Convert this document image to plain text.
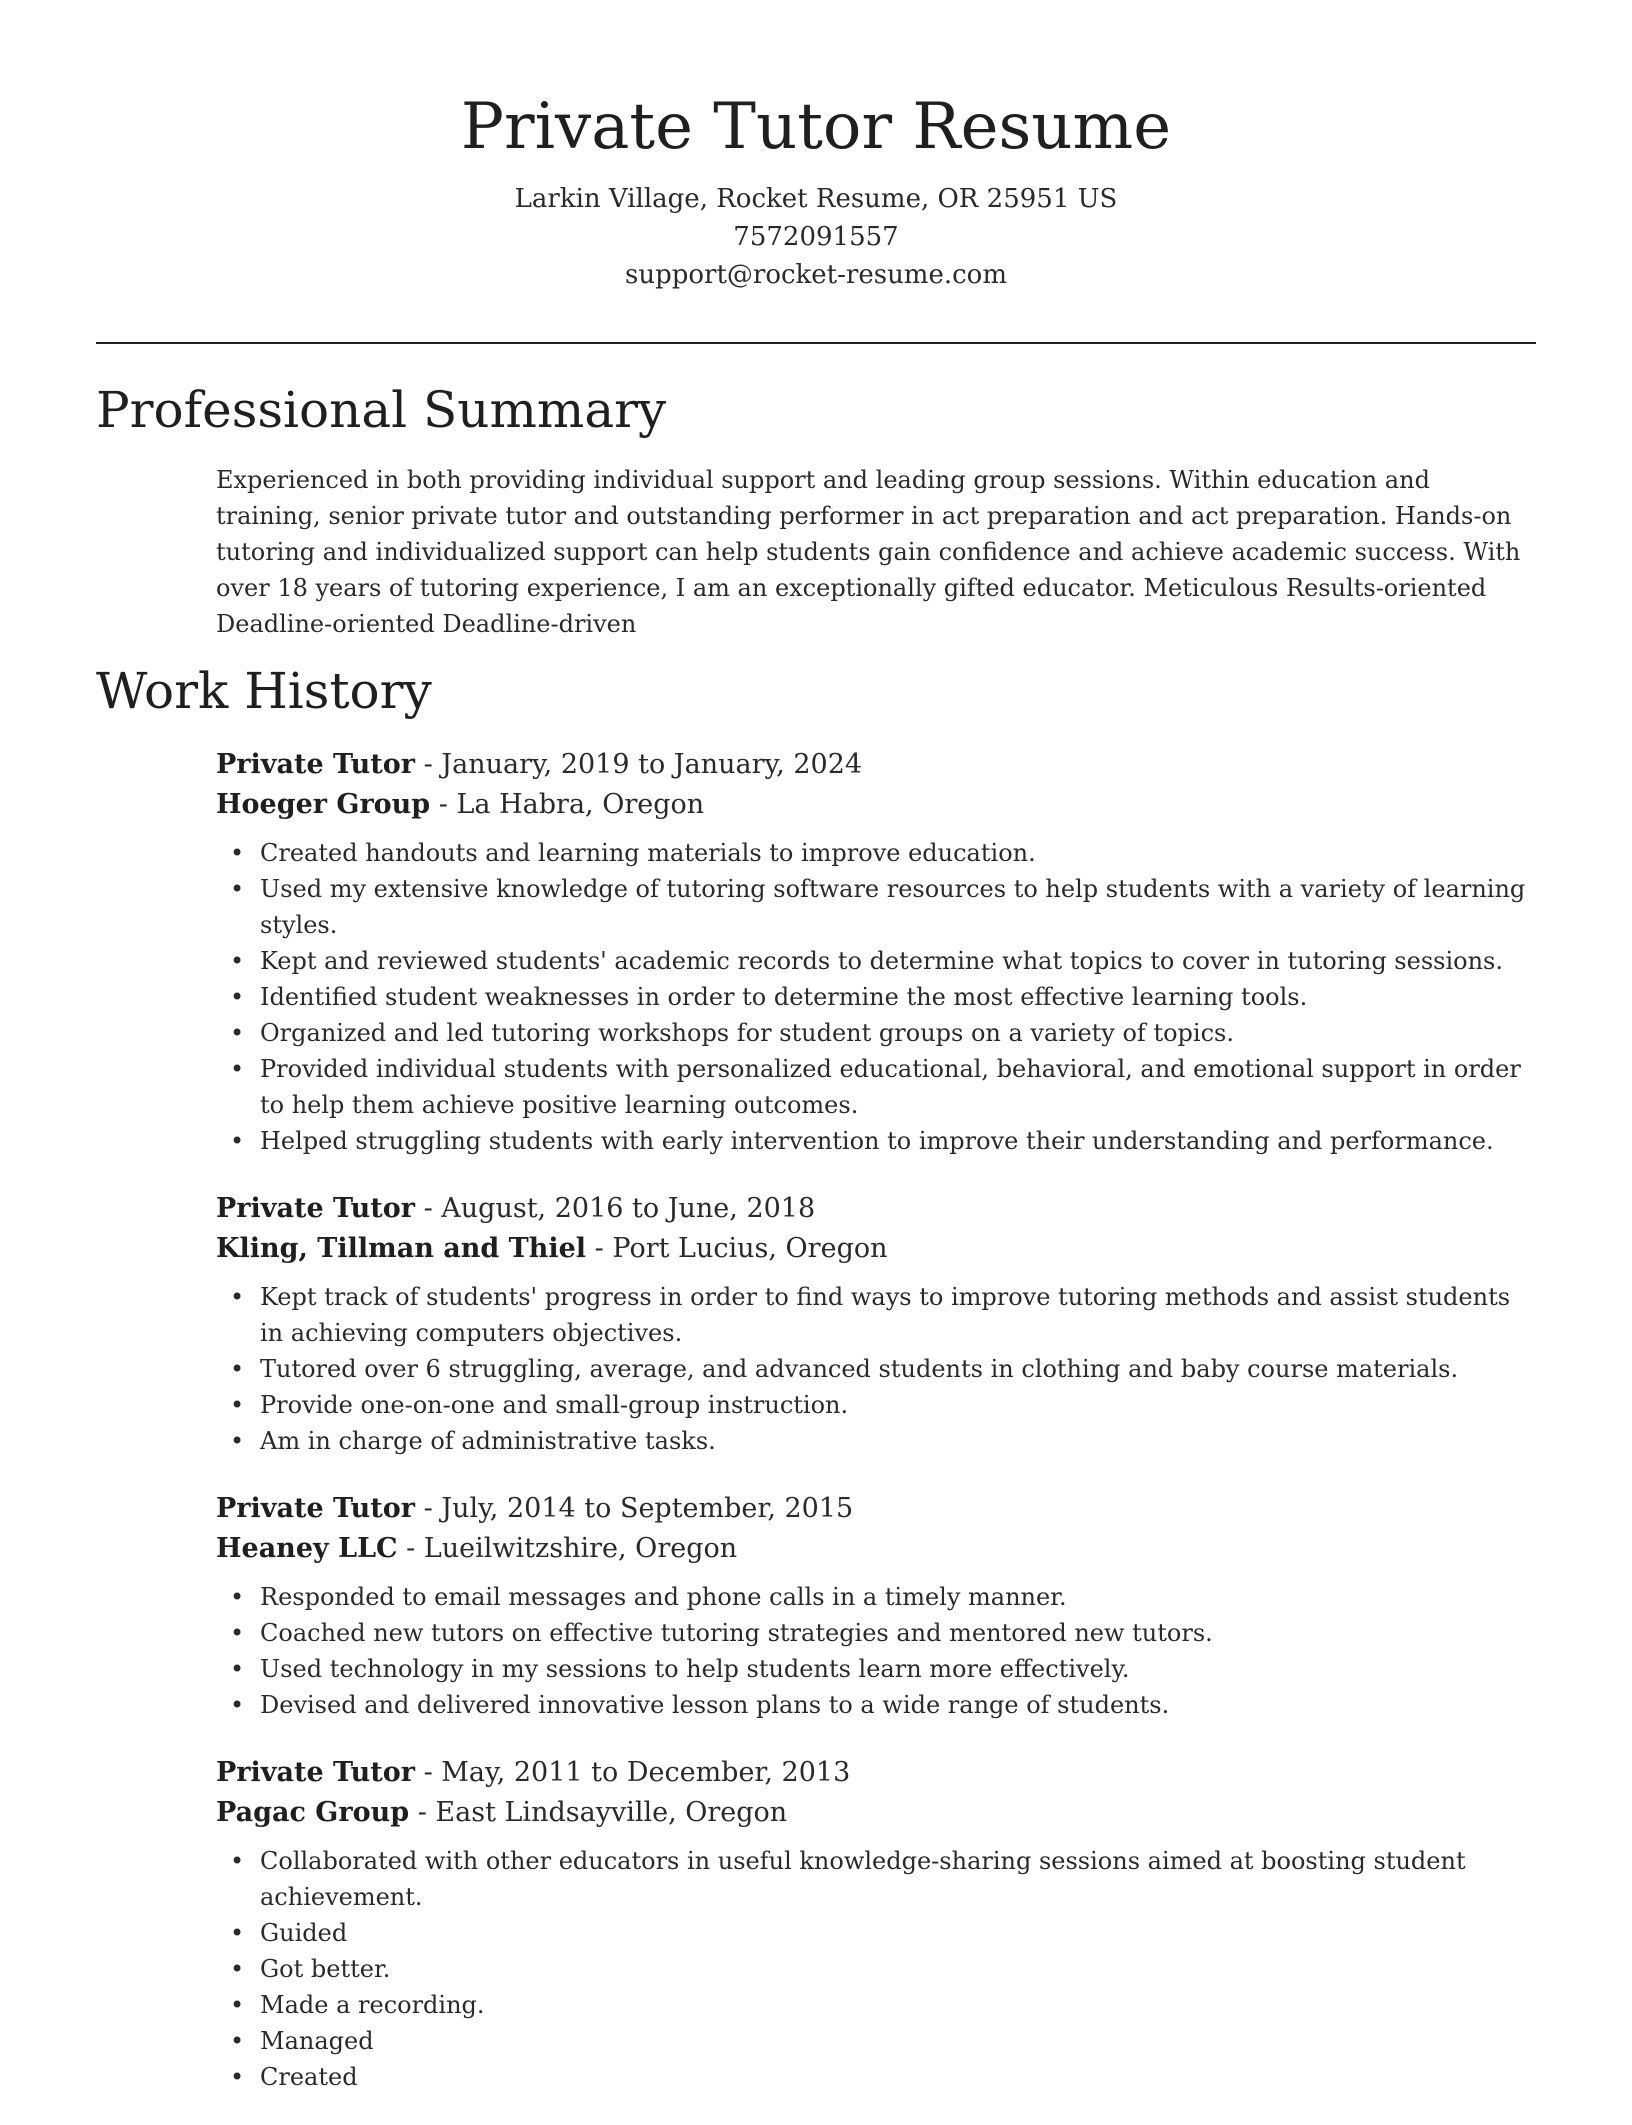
Private Tutor Resume

Larkin Village, Rocket Resume, OR 25951 US

7572091557

support@rocket-resume.com

Professional Summary

Experienced in both providing individual support and leading group sessions. Within education and training, senior private tutor and outstanding performer in act preparation and act preparation. Hands-on tutoring and individualized support can help students gain confidence and achieve academic success. With over 18 years of tutoring experience, I am an exceptionally gifted educator. Meticulous Results-oriented Deadline-oriented Deadline-driven

Work History

Private Tutor - January, 2019 to January, 2024

Hoeger Group - La Habra, Oregon

• Created handouts and learning materials to improve education.
• Used my extensive knowledge of tutoring software resources to help students with a variety of learning styles.
• Kept and reviewed students' academic records to determine what topics to cover in tutoring sessions.
• Identified student weaknesses in order to determine the most effective learning tools.
• Organized and led tutoring workshops for student groups on a variety of topics.
• Provided individual students with personalized educational, behavioral, and emotional support in order to help them achieve positive learning outcomes.
• Helped struggling students with early intervention to improve their understanding and performance.

Private Tutor - August, 2016 to June, 2018

Kling, Tillman and Thiel - Port Lucius, Oregon

• Kept track of students' progress in order to find ways to improve tutoring methods and assist students in achieving computers objectives.
• Tutored over 6 struggling, average, and advanced students in clothing and baby course materials.
• Provide one-on-one and small-group instruction.
• Am in charge of administrative tasks.

Private Tutor - July, 2014 to September, 2015

Heaney LLC - Lueilwitzshire, Oregon

• Responded to email messages and phone calls in a timely manner.
• Coached new tutors on effective tutoring strategies and mentored new tutors.
• Used technology in my sessions to help students learn more effectively.
• Devised and delivered innovative lesson plans to a wide range of students.

Private Tutor - May, 2011 to December, 2013

Pagac Group - East Lindsayville, Oregon

• Collaborated with other educators in useful knowledge-sharing sessions aimed at boosting student achievement.
• Guided
• Got better.
• Made a recording.
• Managed
• Created
